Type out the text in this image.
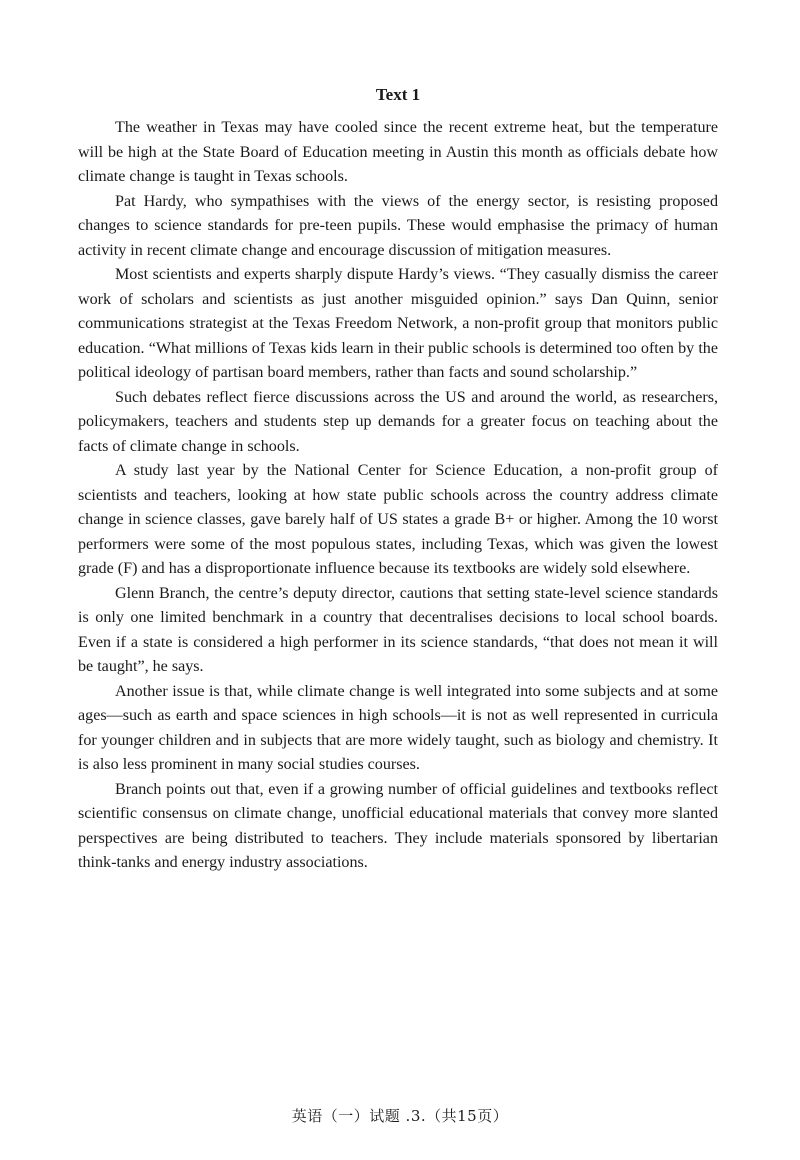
Text 1

The weather in Texas may have cooled since the recent extreme heat, but the temperature will be high at the State Board of Education meeting in Austin this month as officials debate how climate change is taught in Texas schools.

Pat Hardy, who sympathises with the views of the energy sector, is resisting proposed changes to science standards for pre-teen pupils. These would emphasise the primacy of human activity in recent climate change and encourage discussion of mitigation measures.

Most scientists and experts sharply dispute Hardy’s views. “They casually dismiss the career work of scholars and scientists as just another misguided opinion.” says Dan Quinn, senior communications strategist at the Texas Freedom Network, a non-profit group that monitors public education. “What millions of Texas kids learn in their public schools is determined too often by the political ideology of partisan board members, rather than facts and sound scholarship.”

Such debates reflect fierce discussions across the US and around the world, as researchers, policymakers, teachers and students step up demands for a greater focus on teaching about the facts of climate change in schools.

A study last year by the National Center for Science Education, a non-profit group of scientists and teachers, looking at how state public schools across the country address climate change in science classes, gave barely half of US states a grade B+ or higher. Among the 10 worst performers were some of the most populous states, including Texas, which was given the lowest grade (F) and has a disproportionate influence because its textbooks are widely sold elsewhere.

Glenn Branch, the centre’s deputy director, cautions that setting state-level science standards is only one limited benchmark in a country that decentralises decisions to local school boards. Even if a state is considered a high performer in its science standards, “that does not mean it will be taught”, he says.

Another issue is that, while climate change is well integrated into some subjects and at some ages—such as earth and space sciences in high schools—it is not as well represented in curricula for younger children and in subjects that are more widely taught, such as biology and chemistry. It is also less prominent in many social studies courses.

Branch points out that, even if a growing number of official guidelines and textbooks reflect scientific consensus on climate change, unofficial educational materials that convey more slanted perspectives are being distributed to teachers. They include materials sponsored by libertarian think-tanks and energy industry associations.

英语（一）试题 .3.（共15页）
